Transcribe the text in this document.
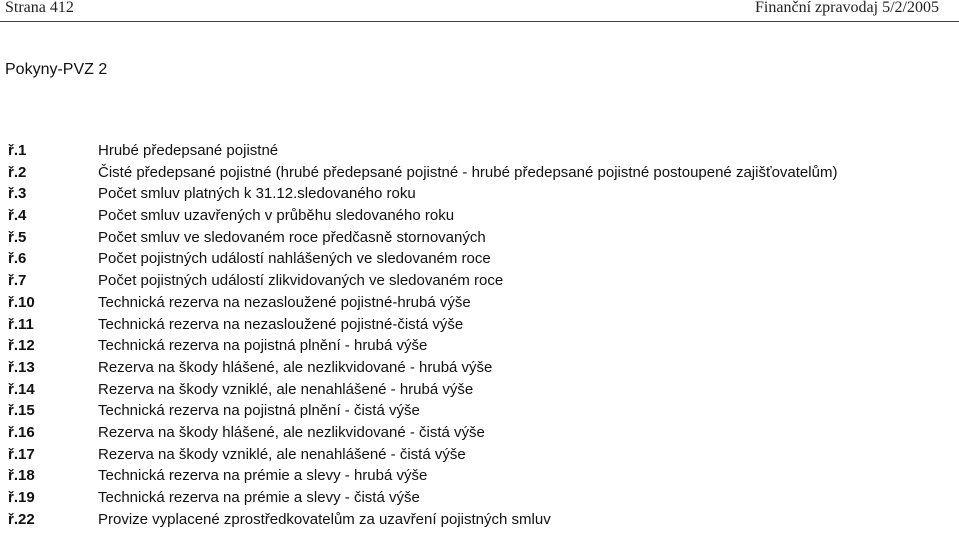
Strana 412	Finanční zpravodaj 5/2/2005
Pokyny-PVZ 2
ř.1	Hrubé předepsané pojistné
ř.2	Čisté předepsané pojistné (hrubé předepsané pojistné - hrubé předepsané pojistné postoupené zajišťovatelům)
ř.3	Počet smluv platných k 31.12.sledovaného roku
ř.4	Počet smluv uzavřených v průběhu sledovaného roku
ř.5	Počet smluv ve sledovaném roce předčasně stornovaných
ř.6	Počet pojistných událostí nahlášených ve sledovaném roce
ř.7	Počet pojistných událostí zlikvidovaných ve sledovaném roce
ř.10	Technická rezerva na nezasloužené pojistné-hrubá výše
ř.11	Technická rezerva na nezasloužené pojistné-čistá výše
ř.12	Technická rezerva na pojistná plnění - hrubá výše
ř.13	Rezerva na škody hlášené, ale nezlikvidované - hrubá výše
ř.14	Rezerva na škody vzniklé, ale nenahlášené - hrubá výše
ř.15	Technická rezerva na pojistná plnění - čistá výše
ř.16	Rezerva na škody hlášené, ale nezlikvidované - čistá výše
ř.17	Rezerva na škody vzniklé, ale nenahlášené - čistá výše
ř.18	Technická rezerva na prémie a slevy - hrubá výše
ř.19	Technická rezerva na prémie a slevy - čistá výše
ř.22	Provize vyplacené zprostředkovatelům za uzavření pojistných smluv
